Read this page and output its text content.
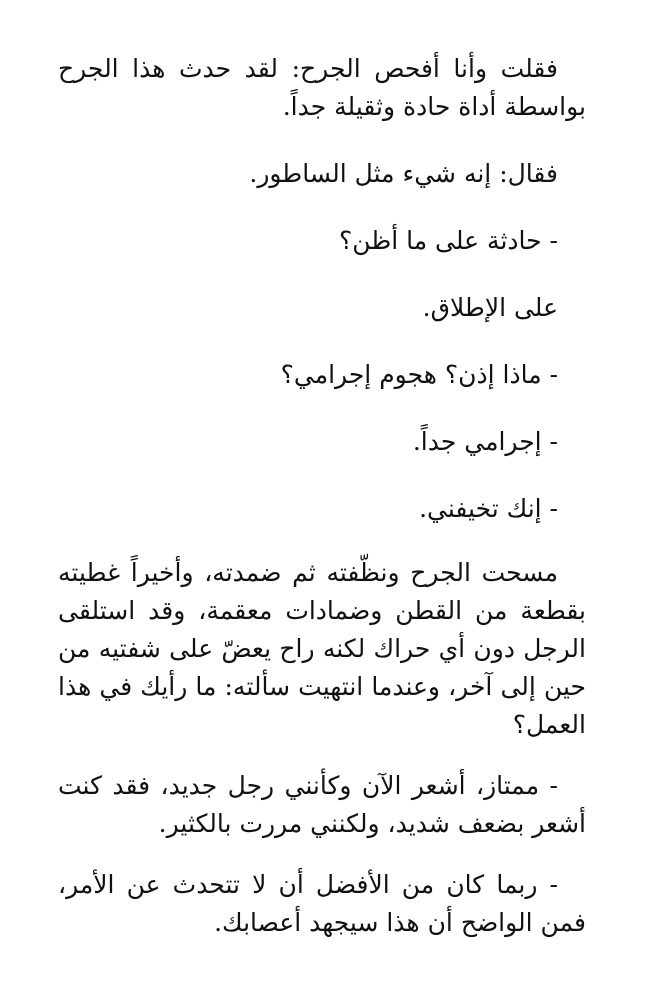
فقلت وأنا أفحص الجرح: لقد حدث هذا الجرح بواسطة أداة حادة وثقيلة جداً.

فقال: إنه شيء مثل الساطور.

- حادثة على ما أظن؟

على الإطلاق.

- ماذا إذن؟ هجوم إجرامي؟

- إجرامي جداً.

- إنك تخيفني.

مسحت الجرح ونظّفته ثم ضمدته، وأخيراً غطيته بقطعة من القطن وضمادات معقمة، وقد استلقى الرجل دون أي حراك لكنه راح يعضّ على شفتيه من حين إلى آخر، وعندما انتهيت سألته: ما رأيك في هذا العمل؟

- ممتاز، أشعر الآن وكأنني رجل جديد، فقد كنت أشعر بضعف شديد، ولكنني مررت بالكثير.

- ربما كان من الأفضل أن لا تتحدث عن الأمر، فمن الواضح أن هذا سيجهد أعصابك.
